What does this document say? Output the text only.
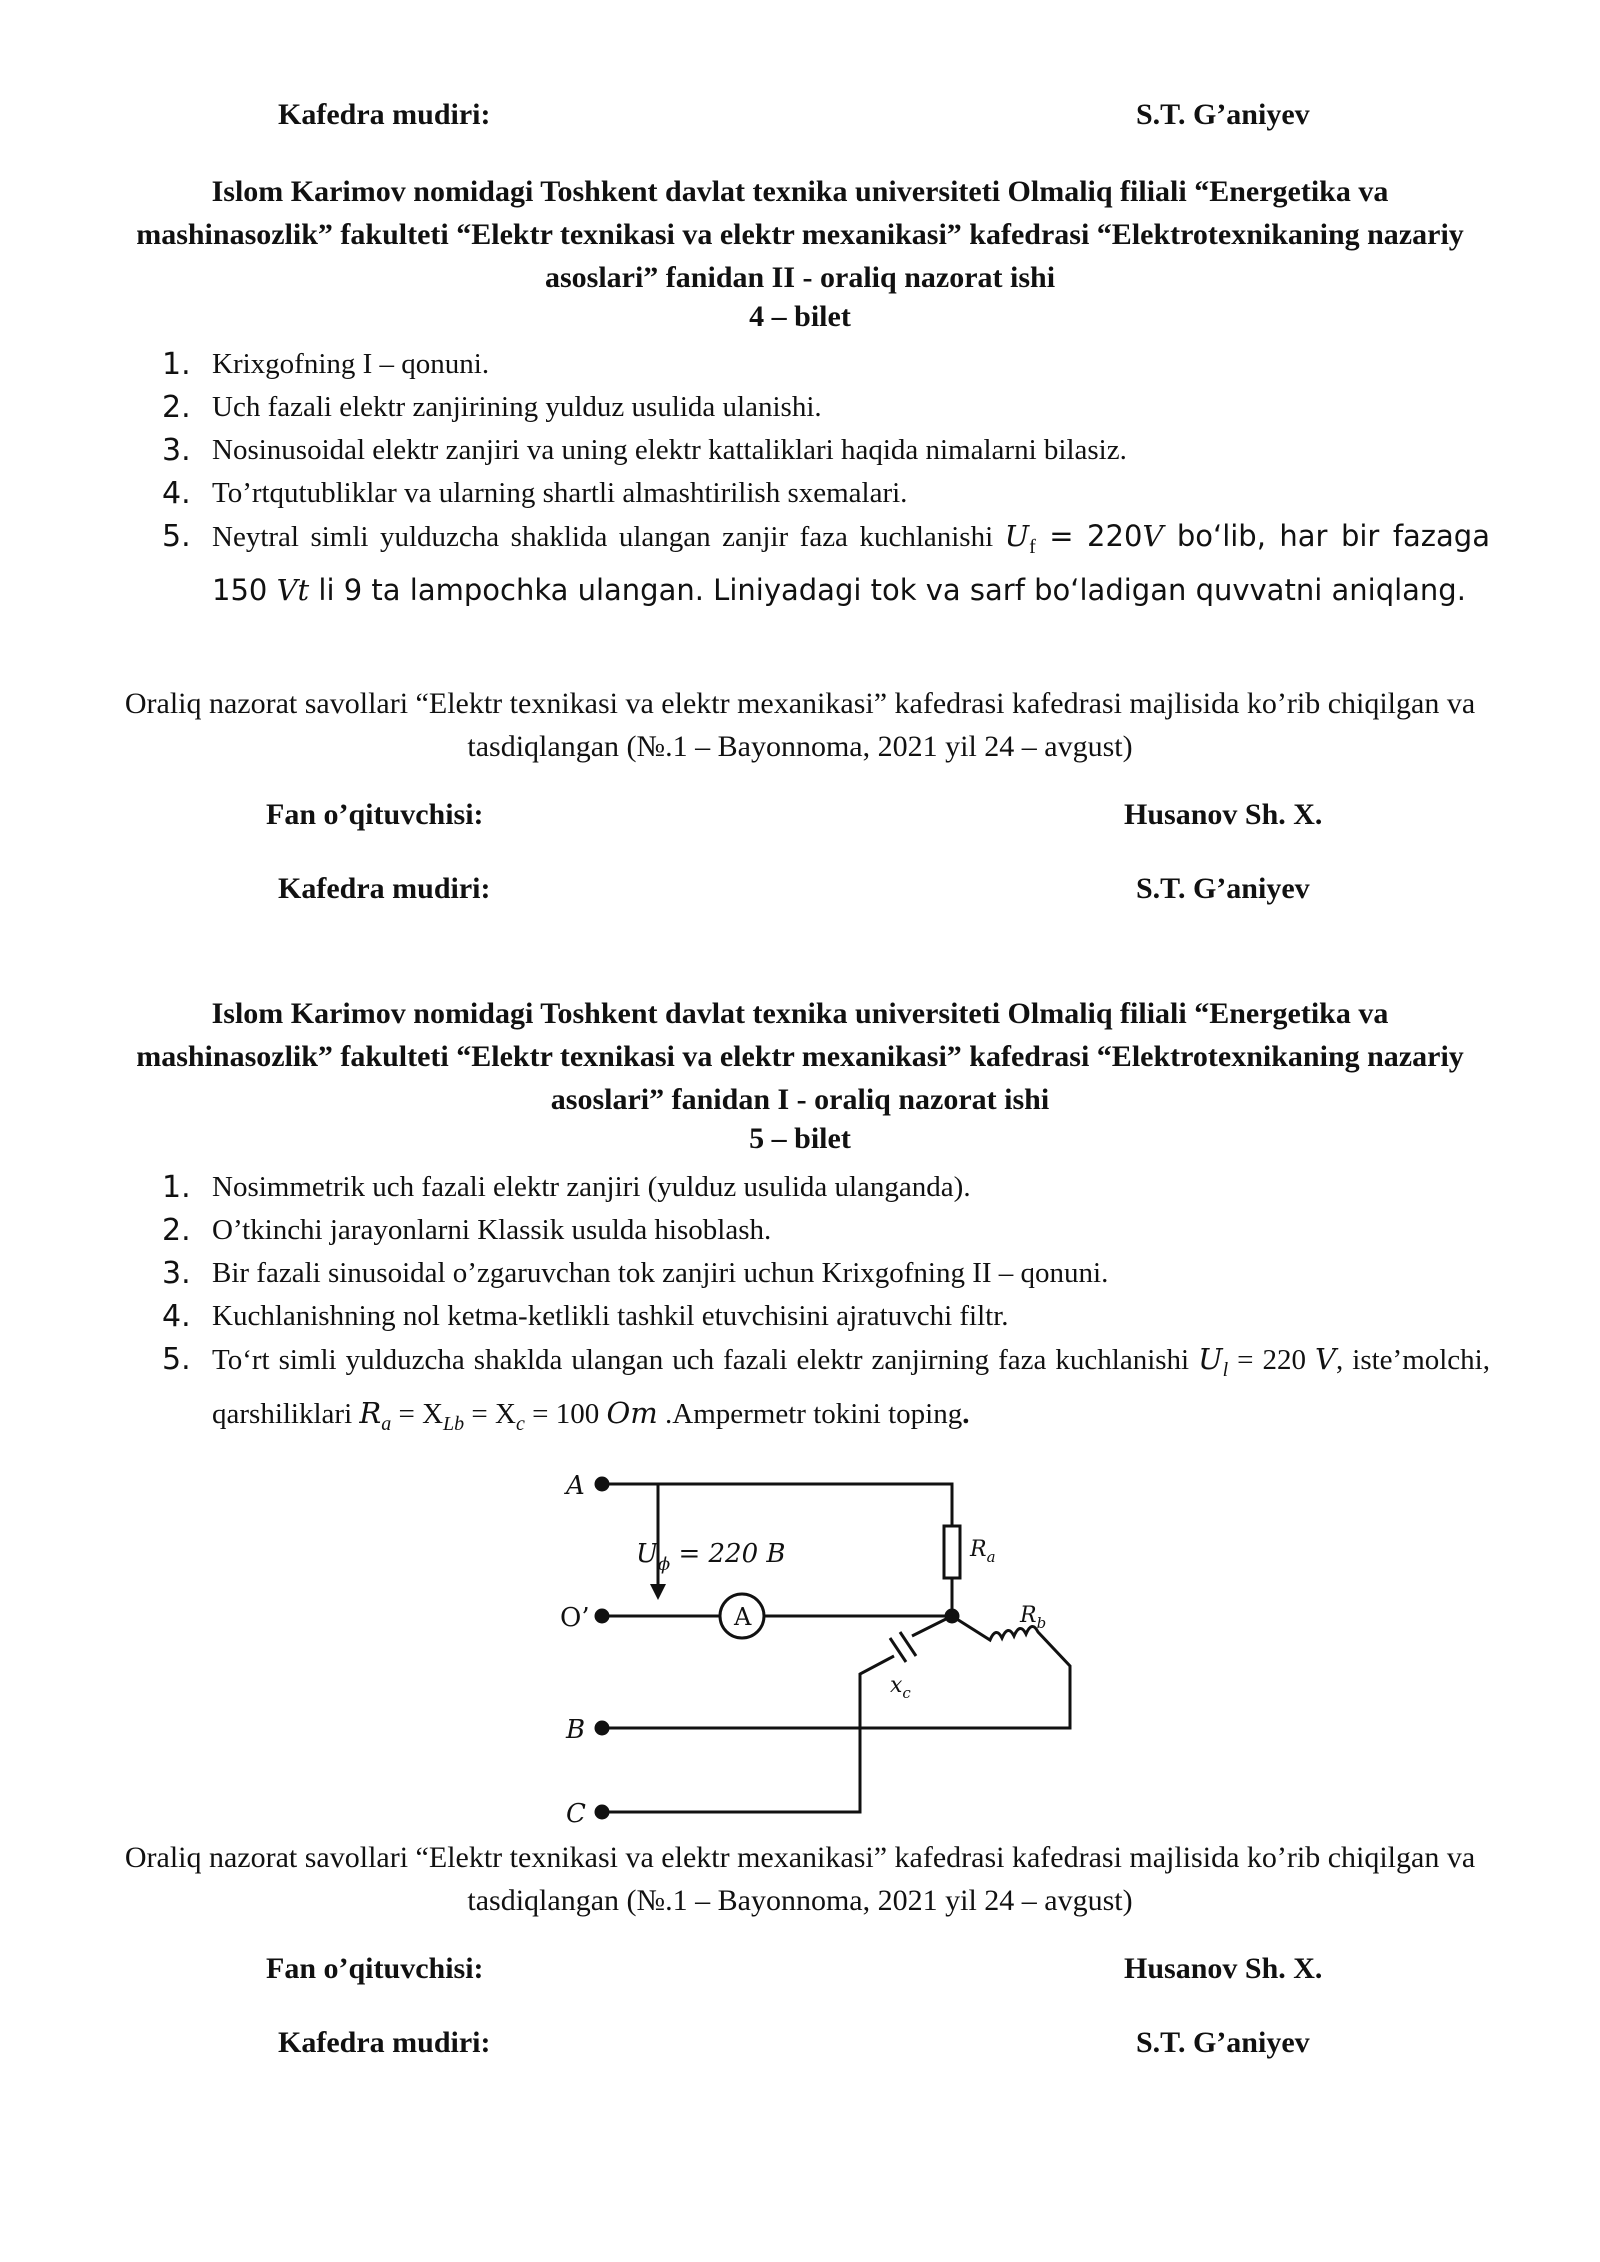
Kafedra mudiri:	S.T. G’aniyev
Islom Karimov nomidagi Toshkent davlat texnika universiteti Olmaliq filiali “Energetika va mashinasozlik” fakulteti “Elektr texnikasi va elektr mexanikasi” kafedrasi “Elektrotexnikaning nazariy asoslari” fanidan II - oraliq nazorat ishi
4 – bilet
1. Krixgofning I – qonuni.
2. Uch fazali elektr zanjirining yulduz usulida ulanishi.
3. Nosinusoidal elektr zanjiri va uning elektr kattaliklari haqida nimalarni bilasiz.
4. To’rtqutubliklar va ularning shartli almashtirilish sxemalari.
5. Neytral simli yulduzcha shaklida ulangan zanjir faza kuchlanishi $U_f = 220V$ boʻlib, har bir fazaga 150 Vt li 9 ta lampochka ulangan. Liniyadagi tok va sarf boʻladigan quvvatni aniqlang.
Oraliq nazorat savollari “Elektr texnikasi va elektr mexanikasi” kafedrasi kafedrasi majlisida ko’rib chiqilgan va tasdiqlangan (№.1 – Bayonnoma, 2021 yil 24 – avgust)
Fan o’qituvchisi:	Husanov Sh. X.
Kafedra mudiri:	S.T. G’aniyev
Islom Karimov nomidagi Toshkent davlat texnika universiteti Olmaliq filiali “Energetika va mashinasozlik” fakulteti “Elektr texnikasi va elektr mexanikasi” kafedrasi “Elektrotexnikaning nazariy asoslari” fanidan I - oraliq nazorat ishi
5 – bilet
1. Nosimmetrik uch fazali elektr zanjiri (yulduz usulida ulanganda).
2. O’tkinchi jarayonlarni Klassik usulda hisoblash.
3. Bir fazali sinusoidal o’zgaruvchan tok zanjiri uchun Krixgofning II – qonuni.
4. Kuchlanishning nol ketma-ketlikli tashkil etuvchisini ajratuvchi filtr.
5. To‘rt simli yulduzcha shaklda ulangan uch fazali elektr zanjirning faza kuchlanishi $U_l = 220$ V, iste’molchi, qarshiliklari $R_a = X_{Lb} = X_c = 100$ Om .Ampermetr tokini toping.
A
O’
B
C
$U_\phi = 220$ B
A
$R_a$
$R_b$
$x_c$
Oraliq nazorat savollari “Elektr texnikasi va elektr mexanikasi” kafedrasi kafedrasi majlisida ko’rib chiqilgan va tasdiqlangan (№.1 – Bayonnoma, 2021 yil 24 – avgust)
Fan o’qituvchisi:	Husanov Sh. X.
Kafedra mudiri:	S.T. G’aniyev
